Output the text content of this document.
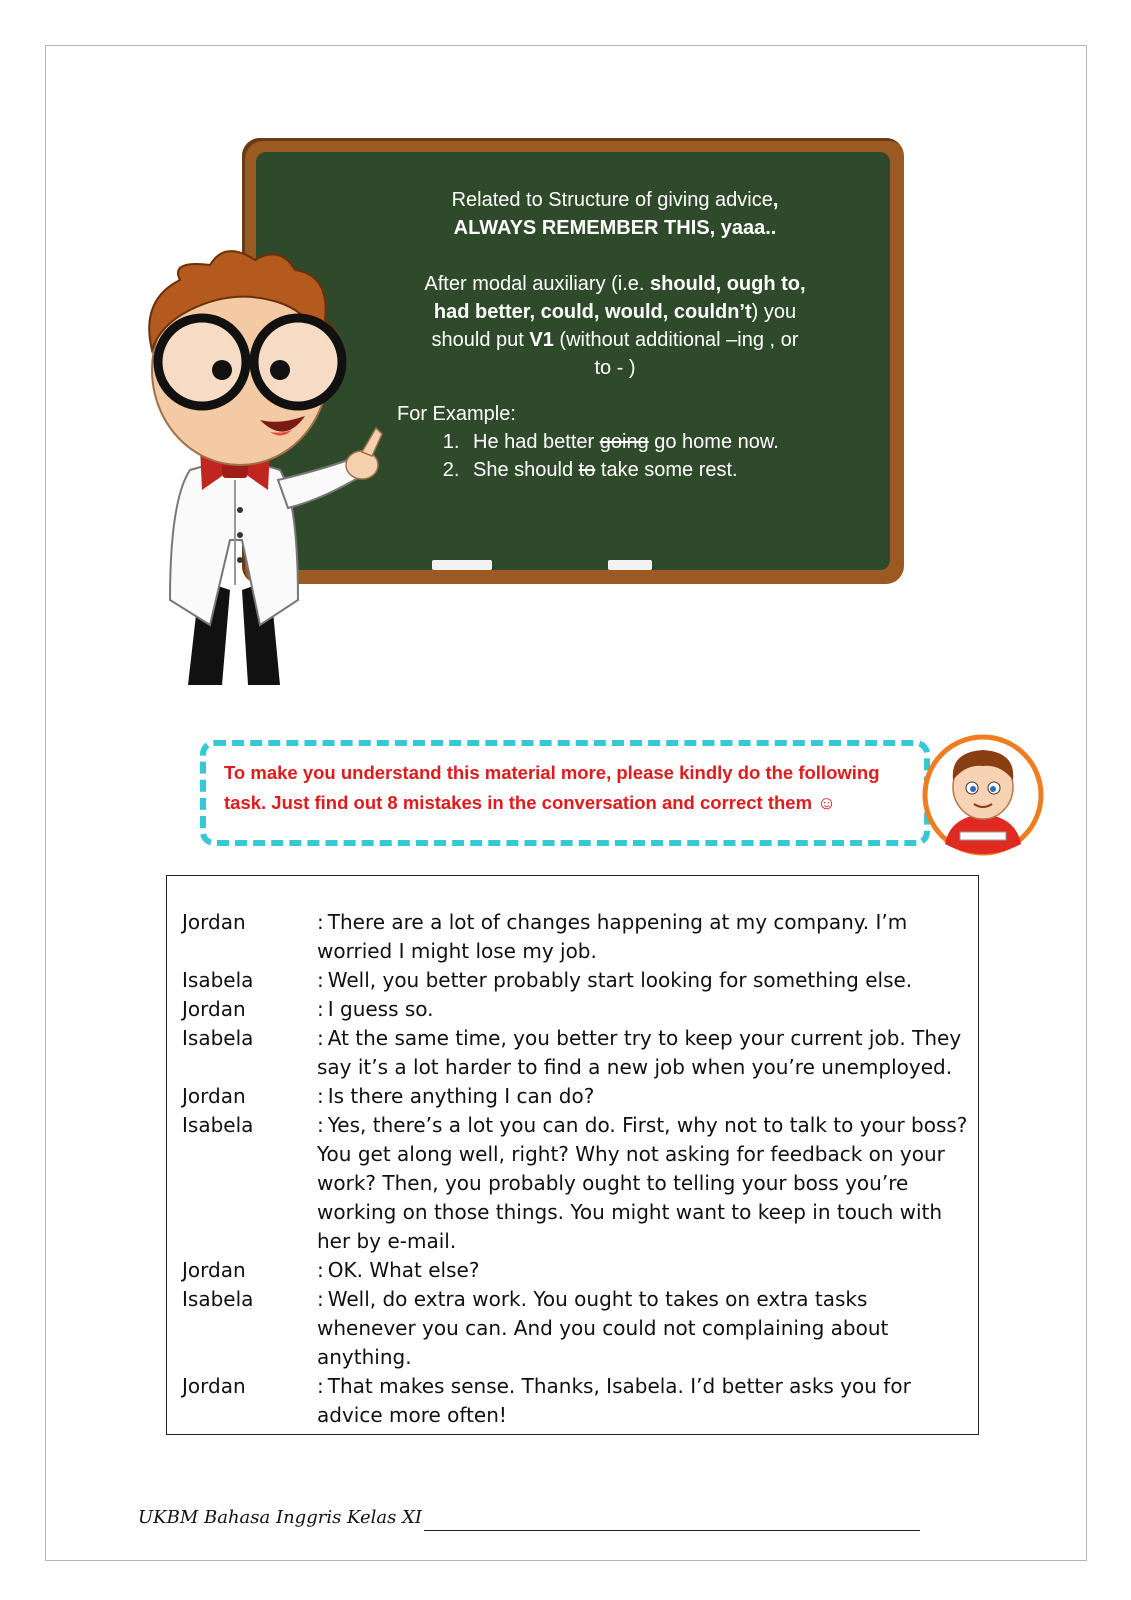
Related to Structure of giving advice,
ALWAYS REMEMBER THIS, yaaa..
After modal auxiliary (i.e. should, ough to,
had better, could, would, couldn’t) you
should put V1 (without additional –ing , or
to - )
For Example:
1. He had better going go home now.
2. She should to take some rest.
To make you understand this material more, please kindly do the following
task. Just find out 8 mistakes in the conversation and correct them ☺
Jordan	: There are a lot of changes happening at my company. I’m worried I might lose my job.
Isabela	: Well, you better probably start looking for something else.
Jordan	: I guess so.
Isabela	: At the same time, you better try to keep your current job. They say it’s a lot harder to find a new job when you’re unemployed.
Jordan	: Is there anything I can do?
Isabela	: Yes, there’s a lot you can do. First, why not to talk to your boss? You get along well, right? Why not asking for feedback on your work? Then, you probably ought to telling your boss you’re working on those things. You might want to keep in touch with her by e-mail.
Jordan	: OK. What else?
Isabela	: Well, do extra work. You ought to takes on extra tasks whenever you can. And you could not complaining about anything.
Jordan	: That makes sense. Thanks, Isabela. I’d better asks you for advice more often!
UKBM Bahasa Inggris Kelas XI
